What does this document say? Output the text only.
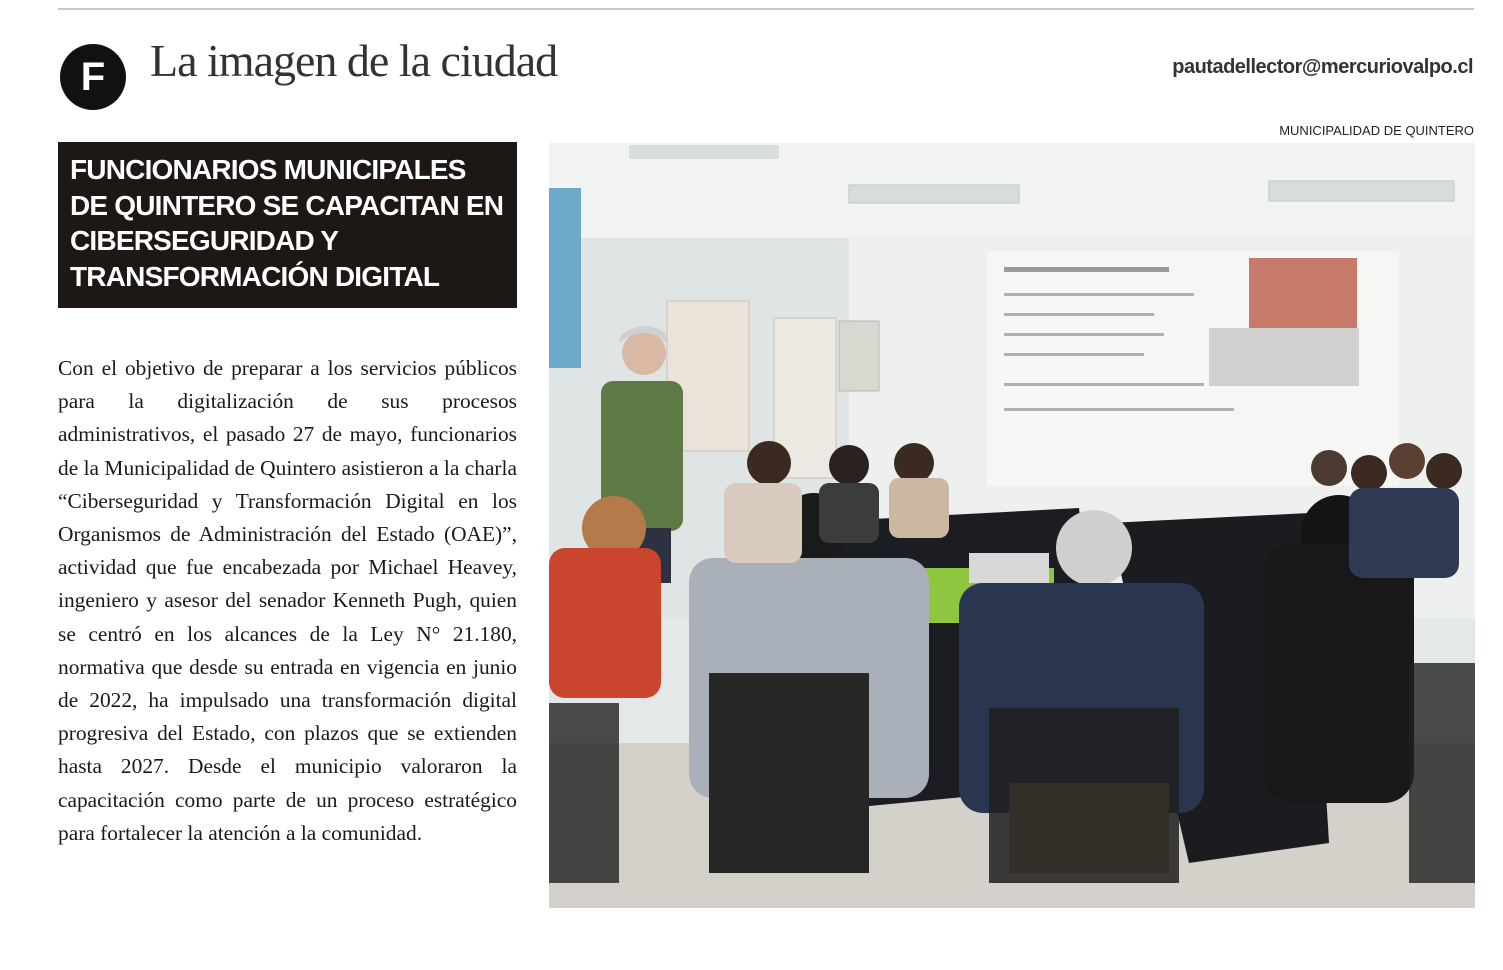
F La imagen de la ciudad	pautadellector@mercuriovalpo.cl
MUNICIPALIDAD DE QUINTERO
FUNCIONARIOS MUNICIPALES DE QUINTERO SE CAPACITAN EN CIBERSEGURIDAD Y TRANSFORMACIÓN DIGITAL

Con el objetivo de preparar a los servicios públicos para la digitalización de sus procesos administrativos, el pasado 27 de mayo, funcionarios de la Municipalidad de Quintero asistieron a la charla “Ciberseguridad y Transformación Digital en los Organismos de Administración del Estado (OAE)”, actividad que fue encabezada por Michael Heavey, ingeniero y asesor del senador Kenneth Pugh, quien se centró en los alcances de la Ley N° 21.180, normativa que desde su entrada en vigencia en junio de 2022, ha impulsado una transformación digital progresiva del Estado, con plazos que se extienden hasta 2027. Desde el municipio valoraron la capacitación como parte de un proceso estratégico para fortalecer la atención a la comunidad.
